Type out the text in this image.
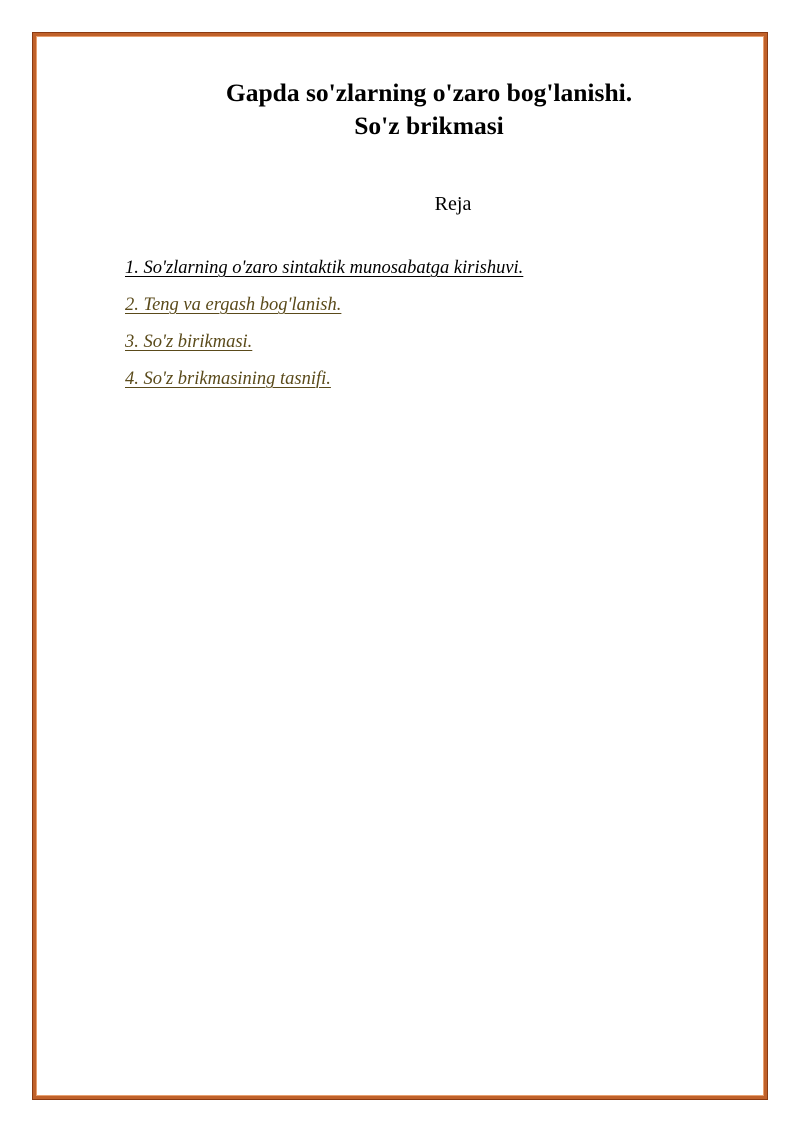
Gapda so'zlarning o'zaro bog'lanishi.
So'z brikmasi
Reja
1. So'zlarning o'zaro sintaktik munosabatga kirishuvi.
2. Teng va ergash bog'lanish.
3. So'z birikmasi.
4. So'z brikmasining tasnifi.
